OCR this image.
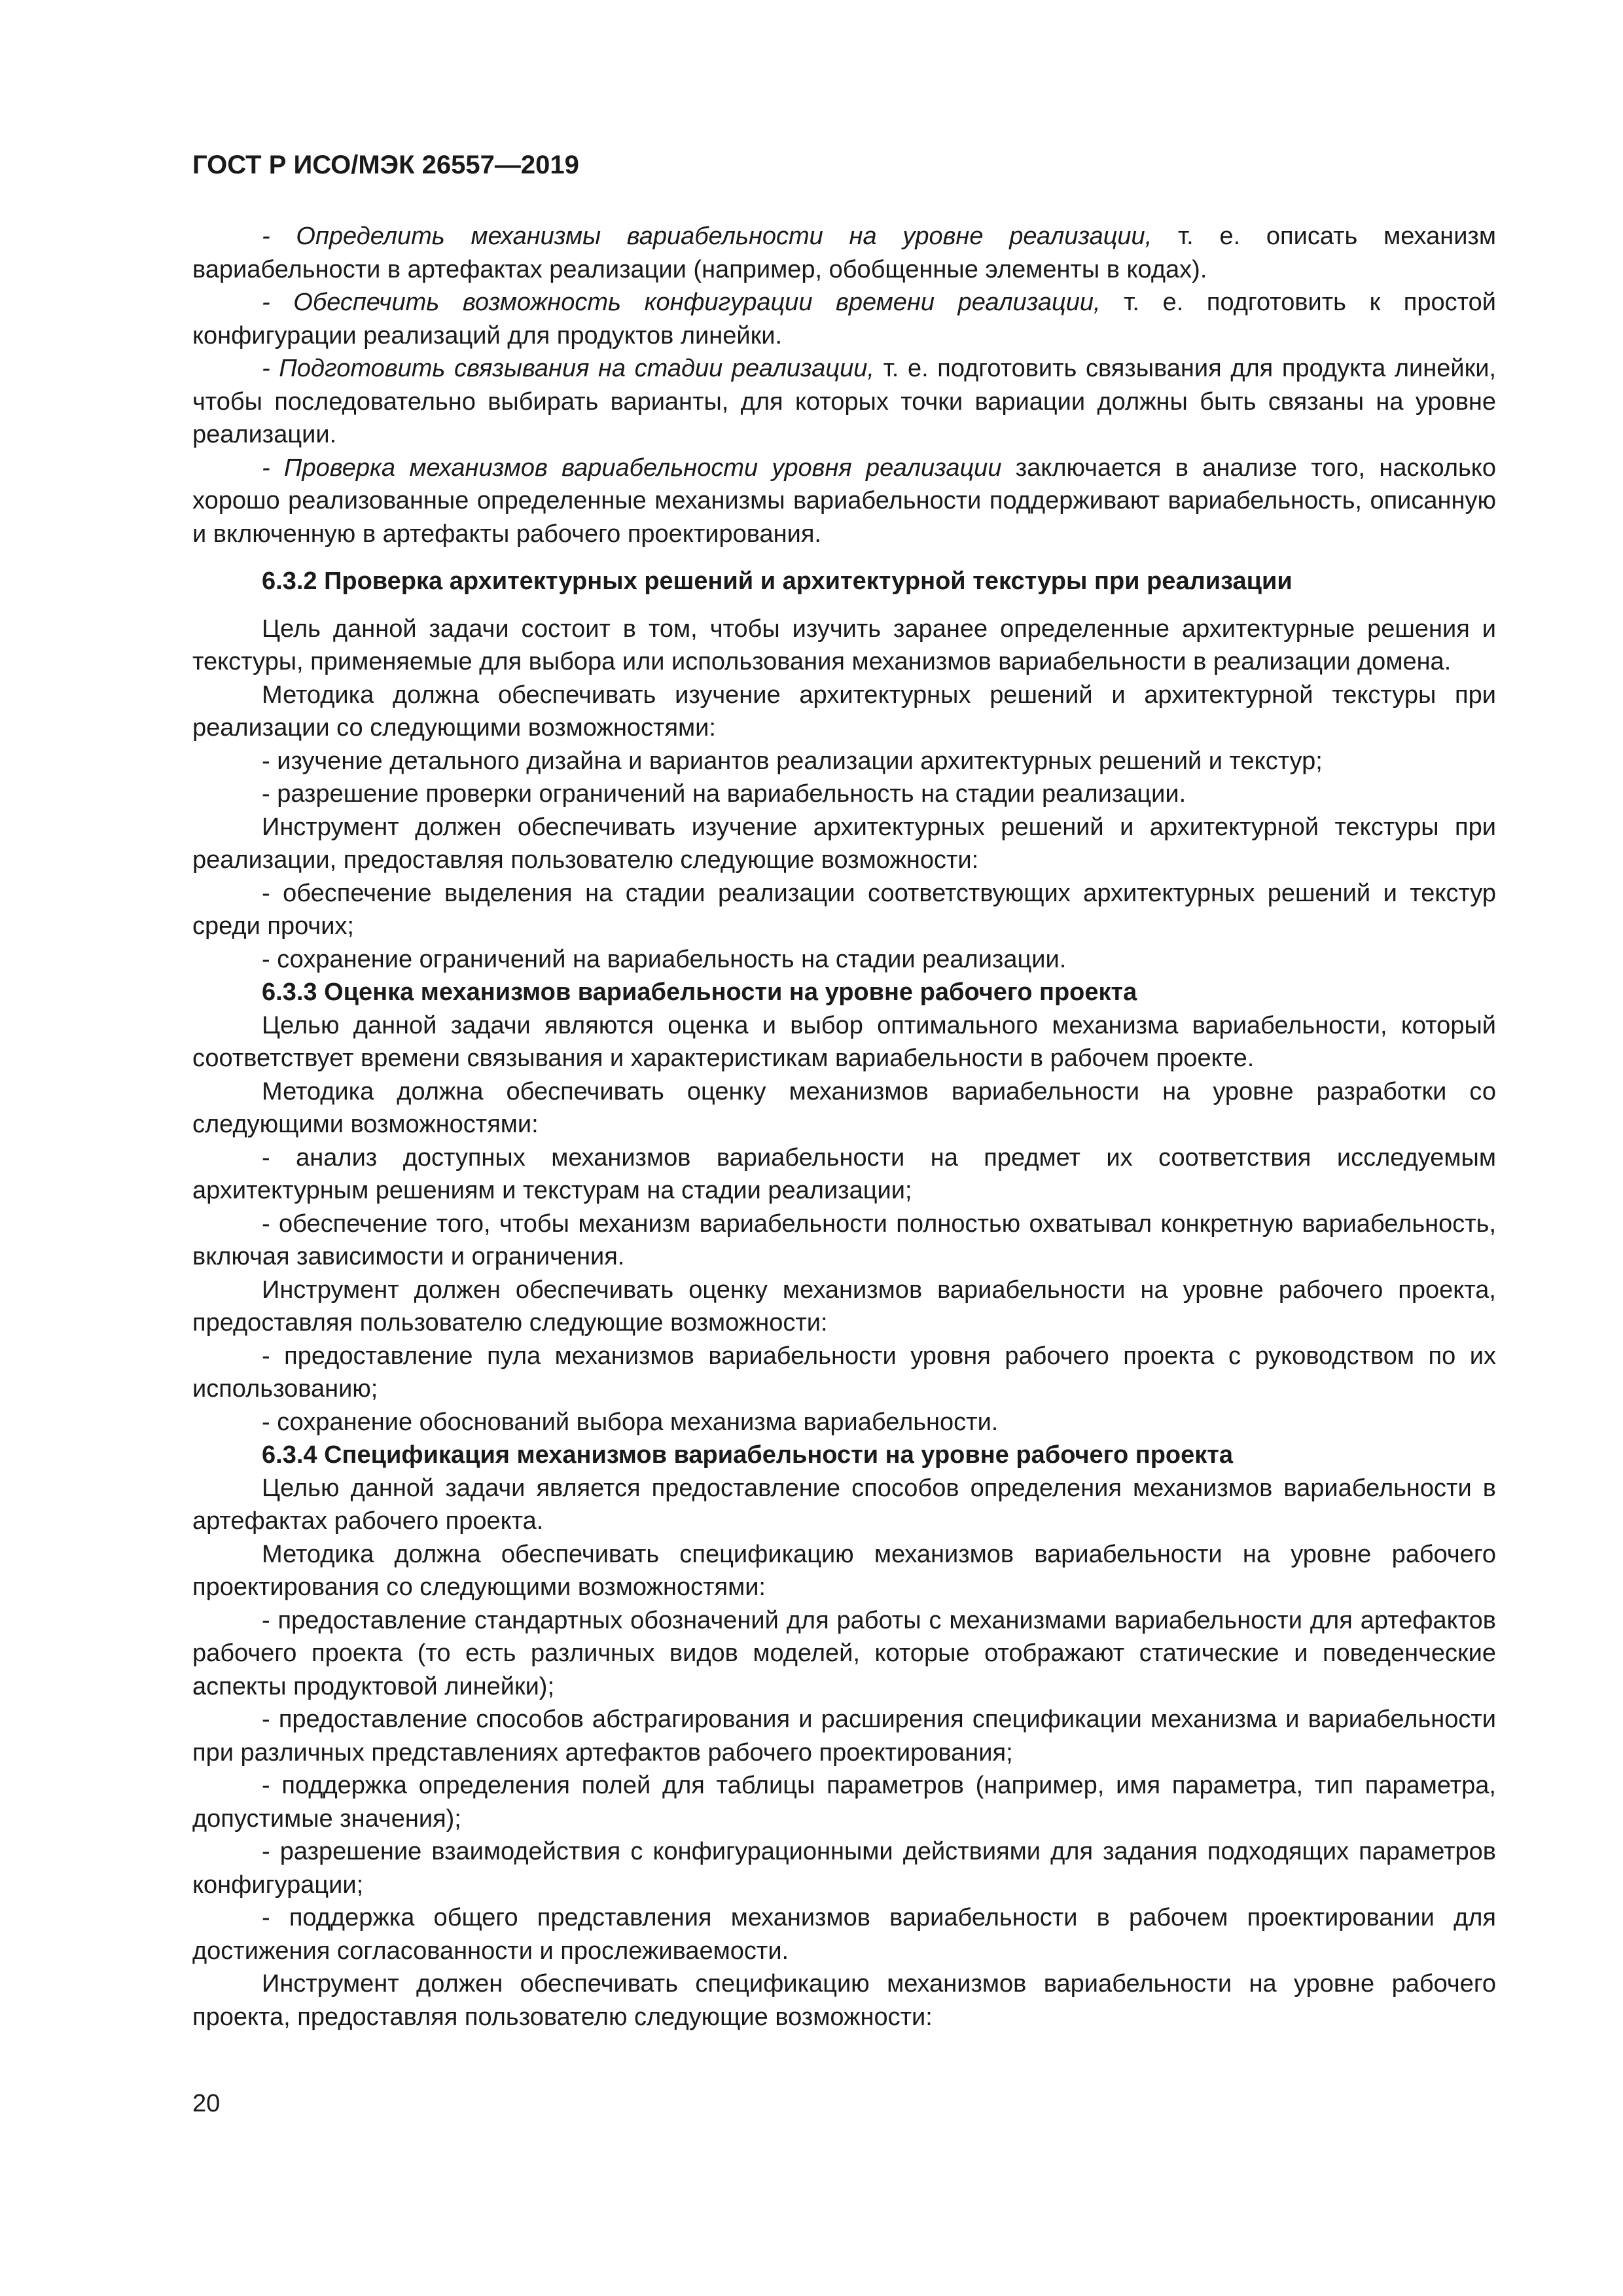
ГОСТ Р ИСО/МЭК 26557—2019

- Определить механизмы вариабельности на уровне реализации, т. е. описать механизм вариабельности в артефактах реализации (например, обобщенные элементы в кодах).

- Обеспечить возможность конфигурации времени реализации, т. е. подготовить к простой конфигурации реализаций для продуктов линейки.

- Подготовить связывания на стадии реализации, т. е. подготовить связывания для продукта линейки, чтобы последовательно выбирать варианты, для которых точки вариации должны быть связаны на уровне реализации.

- Проверка механизмов вариабельности уровня реализации заключается в анализе того, насколько хорошо реализованные определенные механизмы вариабельности поддерживают вариабельность, описанную и включенную в артефакты рабочего проектирования.

6.3.2 Проверка архитектурных решений и архитектурной текстуры при реализации

Цель данной задачи состоит в том, чтобы изучить заранее определенные архитектурные решения и текстуры, применяемые для выбора или использования механизмов вариабельности в реализации домена.

Методика должна обеспечивать изучение архитектурных решений и архитектурной текстуры при реализации со следующими возможностями:

- изучение детального дизайна и вариантов реализации архитектурных решений и текстур;

- разрешение проверки ограничений на вариабельность на стадии реализации.

Инструмент должен обеспечивать изучение архитектурных решений и архитектурной текстуры при реализации, предоставляя пользователю следующие возможности:

- обеспечение выделения на стадии реализации соответствующих архитектурных решений и текстур среди прочих;

- сохранение ограничений на вариабельность на стадии реализации.

6.3.3 Оценка механизмов вариабельности на уровне рабочего проекта

Целью данной задачи являются оценка и выбор оптимального механизма вариабельности, который соответствует времени связывания и характеристикам вариабельности в рабочем проекте.

Методика должна обеспечивать оценку механизмов вариабельности на уровне разработки со следующими возможностями:

- анализ доступных механизмов вариабельности на предмет их соответствия исследуемым архитектурным решениям и текстурам на стадии реализации;

- обеспечение того, чтобы механизм вариабельности полностью охватывал конкретную вариабельность, включая зависимости и ограничения.

Инструмент должен обеспечивать оценку механизмов вариабельности на уровне рабочего проекта, предоставляя пользователю следующие возможности:

- предоставление пула механизмов вариабельности уровня рабочего проекта с руководством по их использованию;

- сохранение обоснований выбора механизма вариабельности.

6.3.4 Спецификация механизмов вариабельности на уровне рабочего проекта

Целью данной задачи является предоставление способов определения механизмов вариабельности в артефактах рабочего проекта.

Методика должна обеспечивать спецификацию механизмов вариабельности на уровне рабочего проектирования со следующими возможностями:

- предоставление стандартных обозначений для работы с механизмами вариабельности для артефактов рабочего проекта (то есть различных видов моделей, которые отображают статические и поведенческие аспекты продуктовой линейки);

- предоставление способов абстрагирования и расширения спецификации механизма и вариабельности при различных представлениях артефактов рабочего проектирования;

- поддержка определения полей для таблицы параметров (например, имя параметра, тип параметра, допустимые значения);

- разрешение взаимодействия с конфигурационными действиями для задания подходящих параметров конфигурации;

- поддержка общего представления механизмов вариабельности в рабочем проектировании для достижения согласованности и прослеживаемости.

Инструмент должен обеспечивать спецификацию механизмов вариабельности на уровне рабочего проекта, предоставляя пользователю следующие возможности:

20
